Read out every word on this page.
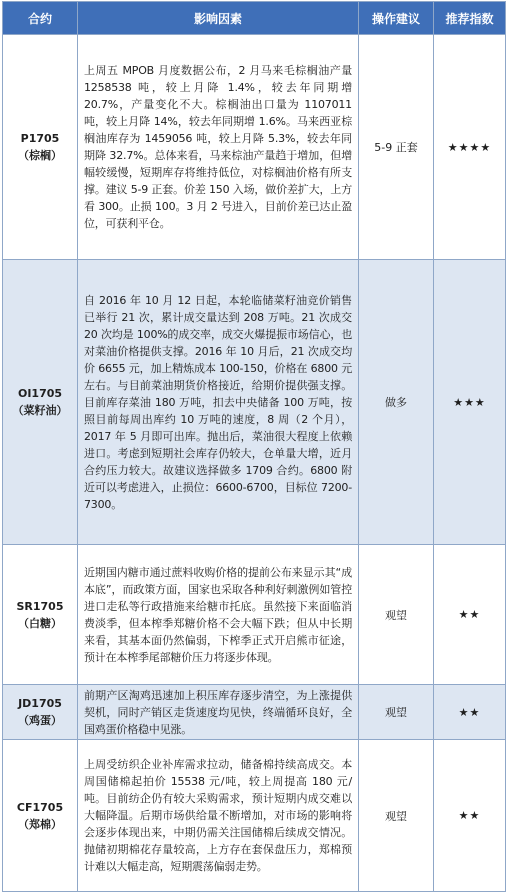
合约	影响因素	操作建议	推荐指数

P1705
（棕榈）	上周五 MPOB 月度数据公布，2 月马来毛棕榈油产量 1258538 吨，较上月降 1.4%，较去年同期增 20.7%，产量变化不大。棕榈油出口量为 1107011 吨，较上月降 14%，较去年同期增 1.6%。马来西亚棕榈油库存为 1459056 吨，较上月降 5.3%，较去年同期降 32.7%。总体来看，马来棕油产量趋于增加，但增幅较缓慢，短期库存将维持低位，对棕榈油价格有所支撑。建议 5-9 正套。价差 150 入场，做价差扩大，上方看 300。止损 100。3 月 2 号进入，目前价差已达止盈位，可获利平仓。	5-9 正套	★★★★

OI1705
（菜籽油）	自 2016 年 10 月 12 日起，本轮临储菜籽油竞价销售已举行 21 次，累计成交量达到 208 万吨。21 次成交 20 次均是 100%的成交率，成交火爆提振市场信心，也对菜油价格提供支撑。2016 年 10 月后，21 次成交均价 6655 元，加上精炼成本 100-150，价格在 6800 元左右。与目前菜油期货价格接近，给期价提供强支撑。目前库存菜油 180 万吨，扣去中央储备 100 万吨，按照目前每周出库约 10 万吨的速度，8 周（2 个月），2017 年 5 月即可出库。抛出后，菜油很大程度上依赖进口。考虑到短期社会库存仍较大，仓单量大增，近月合约压力较大。故建议选择做多 1709 合约。6800 附近可以考虑进入，止损位：6600-6700，目标位 7200-7300。	做多	★★★

SR1705
（白糖）	近期国内糖市通过蔗料收购价格的提前公布来显示其“成本底”，而政策方面，国家也采取各种利好刺激例如管控进口走私等行政措施来给糖市托底。虽然接下来面临消费淡季，但本榨季郑糖价格不会大幅下跌；但从中长期来看，其基本面仍然偏弱，下榨季正式开启熊市征途，预计在本榨季尾部糖价压力将逐步体现。	观望	★★

JD1705
（鸡蛋）	前期产区淘鸡迅速加上积压库存逐步清空，为上涨提供契机，同时产销区走货速度均见快，终端循环良好，全国鸡蛋价格稳中见涨。	观望	★★

CF1705
（郑棉）	上周受纺织企业补库需求拉动，储备棉持续高成交。本周国储棉起拍价 15538 元/吨，较上周提高 180 元/吨。目前纺企仍有较大采购需求，预计短期内成交难以大幅降温。后期市场供给量不断增加，对市场的影响将会逐步体现出来，中期仍需关注国储棉后续成交情况。抛储初期棉花存量较高，上方存在套保盘压力，郑棉预计难以大幅走高，短期震荡偏弱走势。	观望	★★
